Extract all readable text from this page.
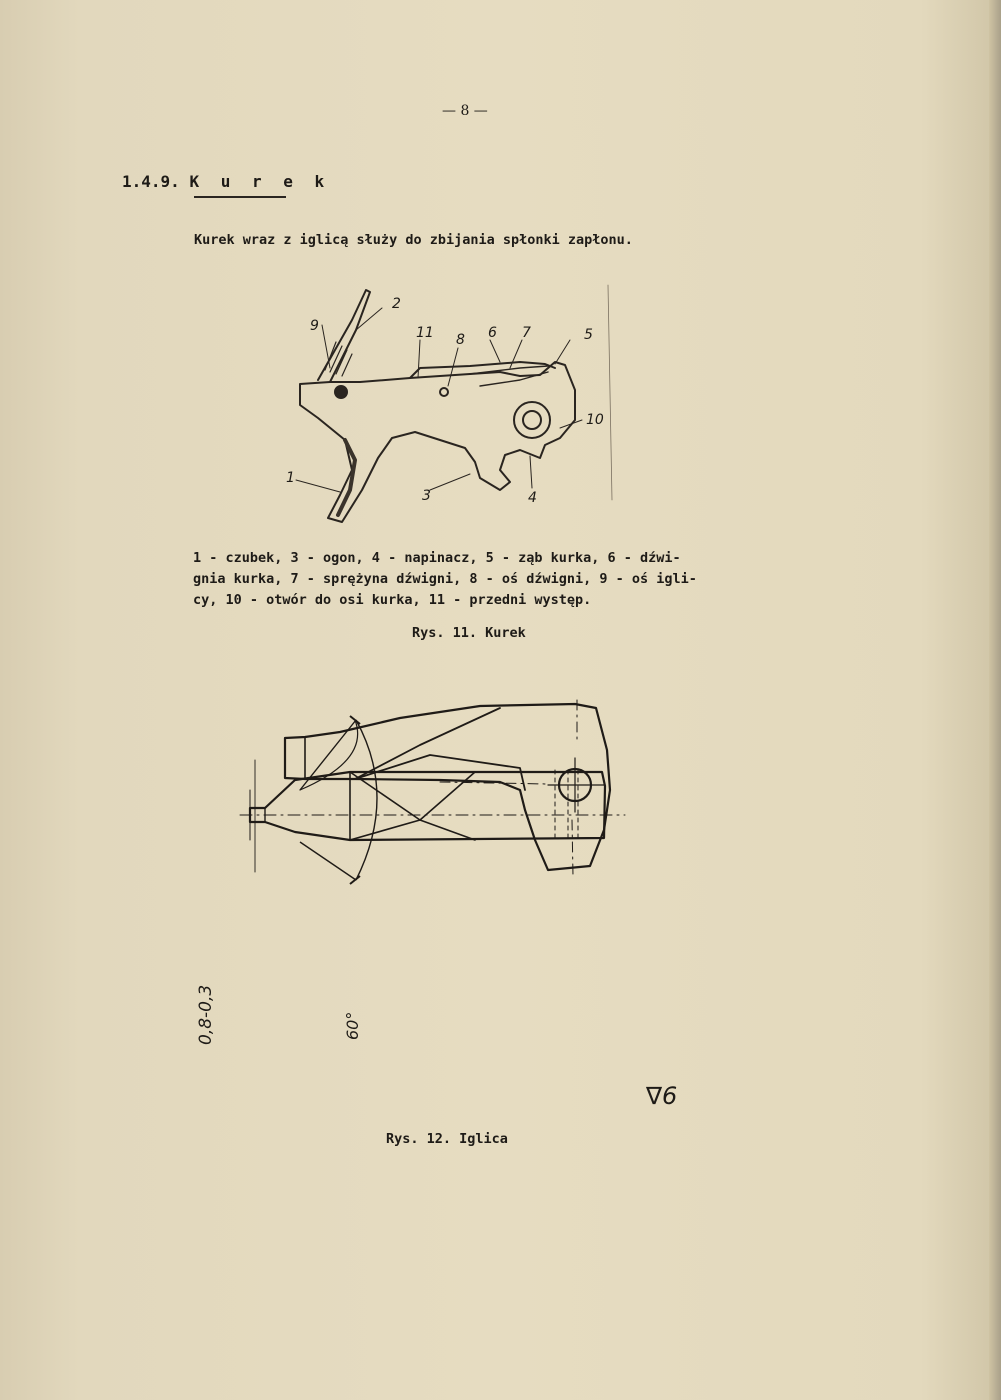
— 8 —
1.4.9. K u r e k
Kurek wraz z iglicą służy do zbijania spłonki zapłonu.
9
2
11 8 6 7	5
10
1
3	4
1 - czubek, 3 - ogon, 4 - napinacz, 5 - ząb kurka, 6 - dźwi-
gnia kurka, 7 - sprężyna dźwigni, 8 - oś dźwigni, 9 - oś igli-
cy, 10 - otwór do osi kurka, 11 - przedni występ.
Rys. 11. Kurek
0,8-0,3	60°
∇6
Rys. 12. Iglica
